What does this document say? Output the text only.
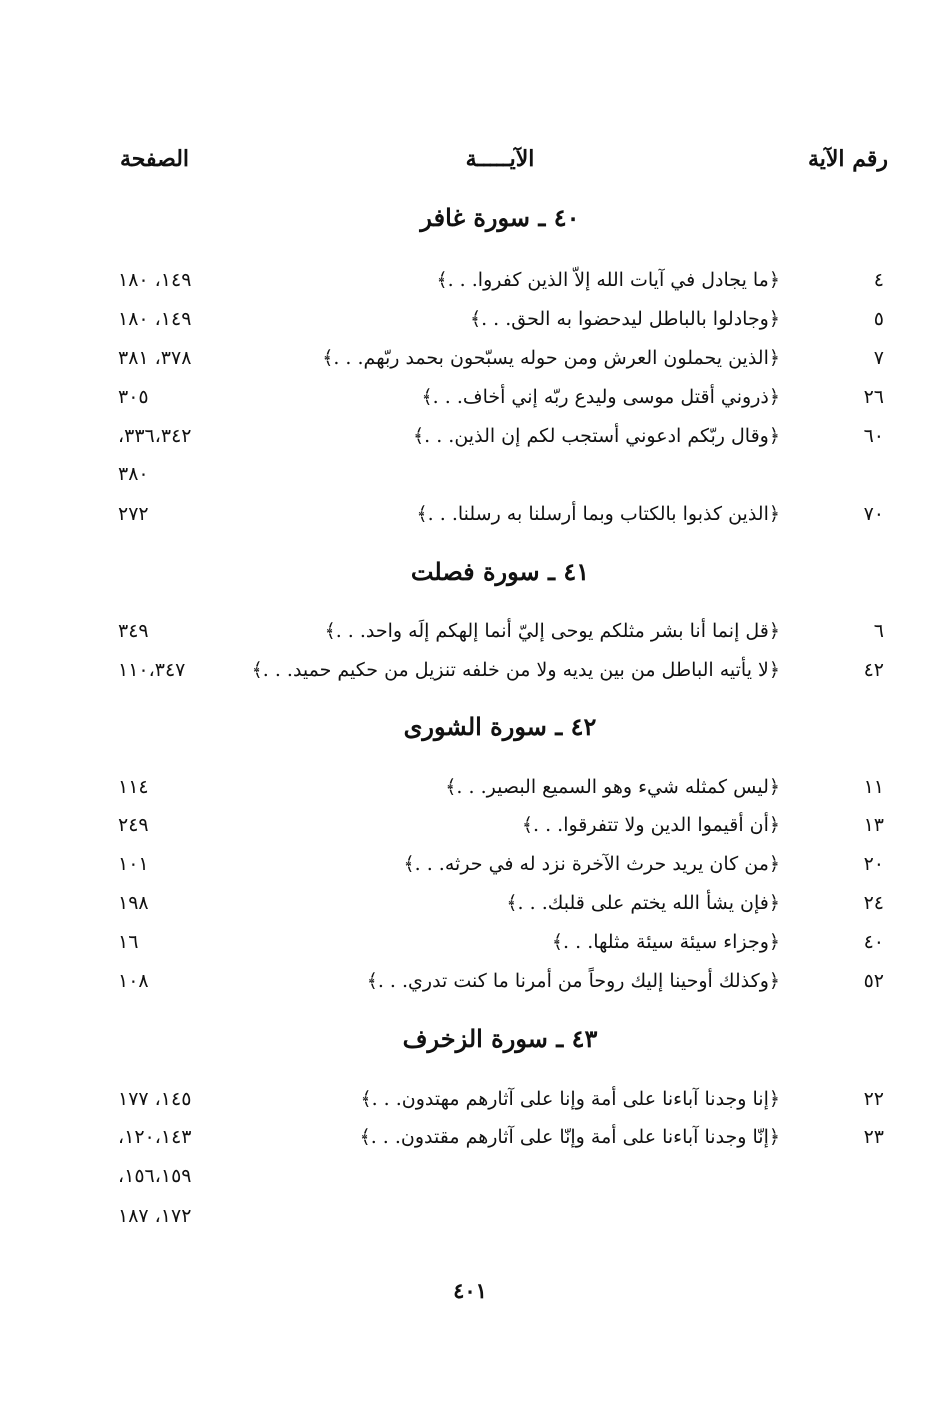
رقم الآية
الآيـــــة
الصفحة
٤٠ ـ سورة غافر
٤
﴿ما يجادل في آيات الله إلاّ الذين كفروا. . .﴾
١٤٩، ١٨٠
٥
﴿وجادلوا بالباطل ليدحضوا به الحق. . .﴾
١٤٩، ١٨٠
٧
﴿الذين يحملون العرش ومن حوله يسبّحون بحمد ربّهم. . .﴾
٣٧٨، ٣٨١
٢٦
﴿ذروني أقتل موسى وليدع ربّه إني أخاف. . .﴾
٣٠٥
٦٠
﴿وقال ربّكم ادعوني أستجب لكم إن الذين. . .﴾
٣٣٦،٣٤٢،
٣٨٠
٧٠
﴿الذين كذبوا بالكتاب وبما أرسلنا به رسلنا. . .﴾
٢٧٢
٤١ ـ سورة فصلت
٦
﴿قل إنما أنا بشر مثلكم يوحى إليّ أنما إلهكم إلَه واحد. . .﴾
٣٤٩
٤٢
﴿لا يأتيه الباطل من بين يديه ولا من خلفه تنزيل من حكيم حميد. . .﴾
١١٠،٣٤٧
٤٢ ـ سورة الشورى
١١
﴿ليس كمثله شيء وهو السميع البصير. . .﴾
١١٤
١٣
﴿أن أقيموا الدين ولا تتفرقوا. . .﴾
٢٤٩
٢٠
﴿من كان يريد حرث الآخرة نزد له في حرثه. . .﴾
١٠١
٢٤
﴿فإن يشأ الله يختم على قلبك. . .﴾
١٩٨
٤٠
﴿وجزاء سيئة سيئة مثلها. . .﴾
١٦
٥٢
﴿وكذلك أوحينا إليك روحاً من أمرنا ما كنت تدري. . .﴾
١٠٨
٤٣ ـ سورة الزخرف
٢٢
﴿إنا وجدنا آباءنا على أمة وإنا على آثارهم مهتدون. . .﴾
١٤٥، ١٧٧
٢٣
﴿إنّا وجدنا آباءنا على أمة وإنّا على آثارهم مقتدون. . .﴾
١٢٠،١٤٣،
١٥٦،١٥٩،
١٧٢، ١٨٧
٤٠١
